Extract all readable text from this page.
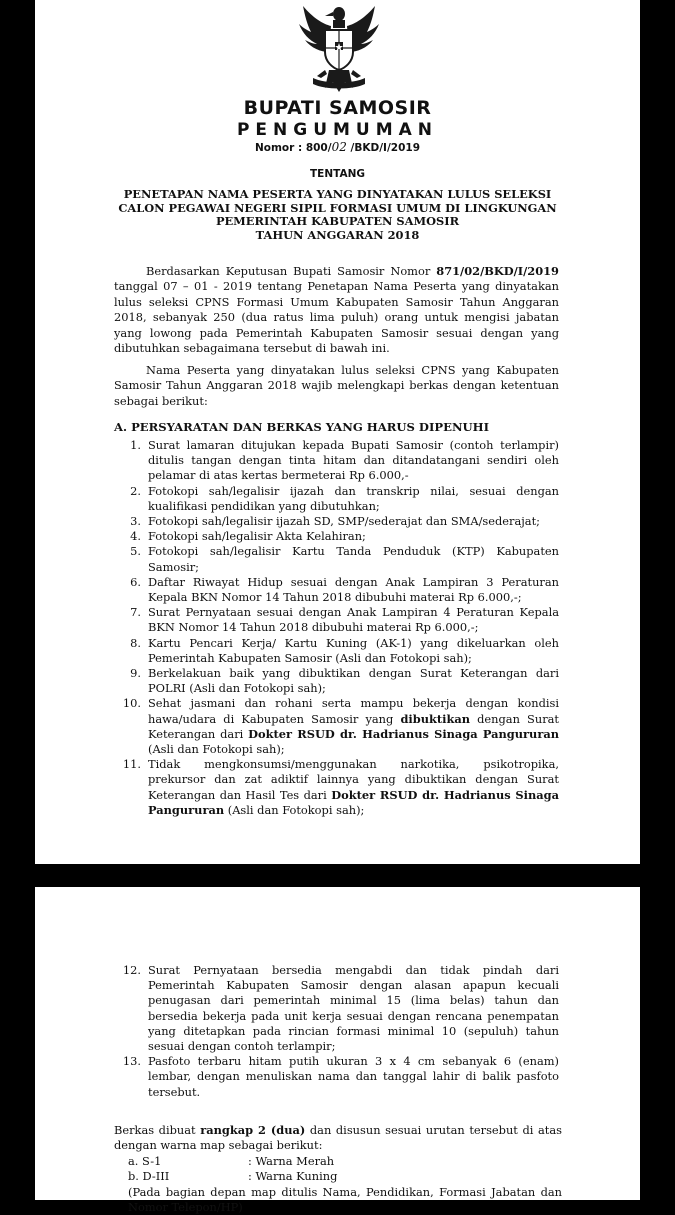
BUPATI SAMOSIR
PENGUMUMAN
Nomor : 800/02 /BKD/I/2019
TENTANG
PENETAPAN NAMA PESERTA YANG DINYATAKAN LULUS SELEKSI
CALON PEGAWAI NEGERI SIPIL FORMASI UMUM DI LINGKUNGAN
PEMERINTAH KABUPATEN SAMOSIR
TAHUN ANGGARAN 2018

Berdasarkan Keputusan Bupati Samosir Nomor 871/02/BKD/I/2019 tanggal 07 – 01 - 2019 tentang Penetapan Nama Peserta yang dinyatakan lulus seleksi CPNS Formasi Umum Kabupaten Samosir Tahun Anggaran 2018, sebanyak 250 (dua ratus lima puluh) orang untuk mengisi jabatan yang lowong pada Pemerintah Kabupaten Samosir sesuai dengan yang dibutuhkan sebagaimana tersebut di bawah ini.

Nama Peserta yang dinyatakan lulus seleksi CPNS yang Kabupaten Samosir Tahun Anggaran 2018 wajib melengkapi berkas dengan ketentuan sebagai berikut:

A. PERSYARATAN DAN BERKAS YANG HARUS DIPENUHI
1. Surat lamaran ditujukan kepada Bupati Samosir (contoh terlampir) ditulis tangan dengan tinta hitam dan ditandatangani sendiri oleh pelamar di atas kertas bermeterai Rp 6.000,-
2. Fotokopi sah/legalisir ijazah dan transkrip nilai, sesuai dengan kualifikasi pendidikan yang dibutuhkan;
3. Fotokopi sah/legalisir ijazah SD, SMP/sederajat dan SMA/sederajat;
4. Fotokopi sah/legalisir Akta Kelahiran;
5. Fotokopi sah/legalisir Kartu Tanda Penduduk (KTP) Kabupaten Samosir;
6. Daftar Riwayat Hidup sesuai dengan Anak Lampiran 3 Peraturan Kepala BKN Nomor 14 Tahun 2018 dibubuhi materai Rp 6.000,-;
7. Surat Pernyataan sesuai dengan Anak Lampiran 4 Peraturan Kepala BKN Nomor 14 Tahun 2018 dibubuhi materai Rp 6.000,-;
8. Kartu Pencari Kerja/ Kartu Kuning (AK-1) yang dikeluarkan oleh Pemerintah Kabupaten Samosir (Asli dan Fotokopi sah);
9. Berkelakuan baik yang dibuktikan dengan Surat Keterangan dari POLRI (Asli dan Fotokopi sah);
10. Sehat jasmani dan rohani serta mampu bekerja dengan kondisi hawa/udara di Kabupaten Samosir yang dibuktikan dengan Surat Keterangan dari Dokter RSUD dr. Hadrianus Sinaga Pangururan (Asli dan Fotokopi sah);
11. Tidak mengkonsumsi/menggunakan narkotika, psikotropika, prekursor dan zat adiktif lainnya yang dibuktikan dengan Surat Keterangan dan Hasil Tes dari Dokter RSUD dr. Hadrianus Sinaga Pangururan (Asli dan Fotokopi sah);
12. Surat Pernyataan bersedia mengabdi dan tidak pindah dari Pemerintah Kabupaten Samosir dengan alasan apapun kecuali penugasan dari pemerintah minimal 15 (lima belas) tahun dan bersedia bekerja pada unit kerja sesuai dengan rencana penempatan yang ditetapkan pada rincian formasi minimal 10 (sepuluh) tahun sesuai dengan contoh terlampir;
13. Pasfoto terbaru hitam putih ukuran 3 x 4 cm sebanyak 6 (enam) lembar, dengan menuliskan nama dan tanggal lahir di balik pasfoto tersebut.

Berkas dibuat rangkap 2 (dua) dan disusun sesuai urutan tersebut di atas dengan warna map sebagai berikut:

a. S-1	: Warna Merah
b. D-III	: Warna Kuning
(Pada bagian depan map ditulis Nama, Pendidikan, Formasi Jabatan dan Nomor Telepon/HP)
